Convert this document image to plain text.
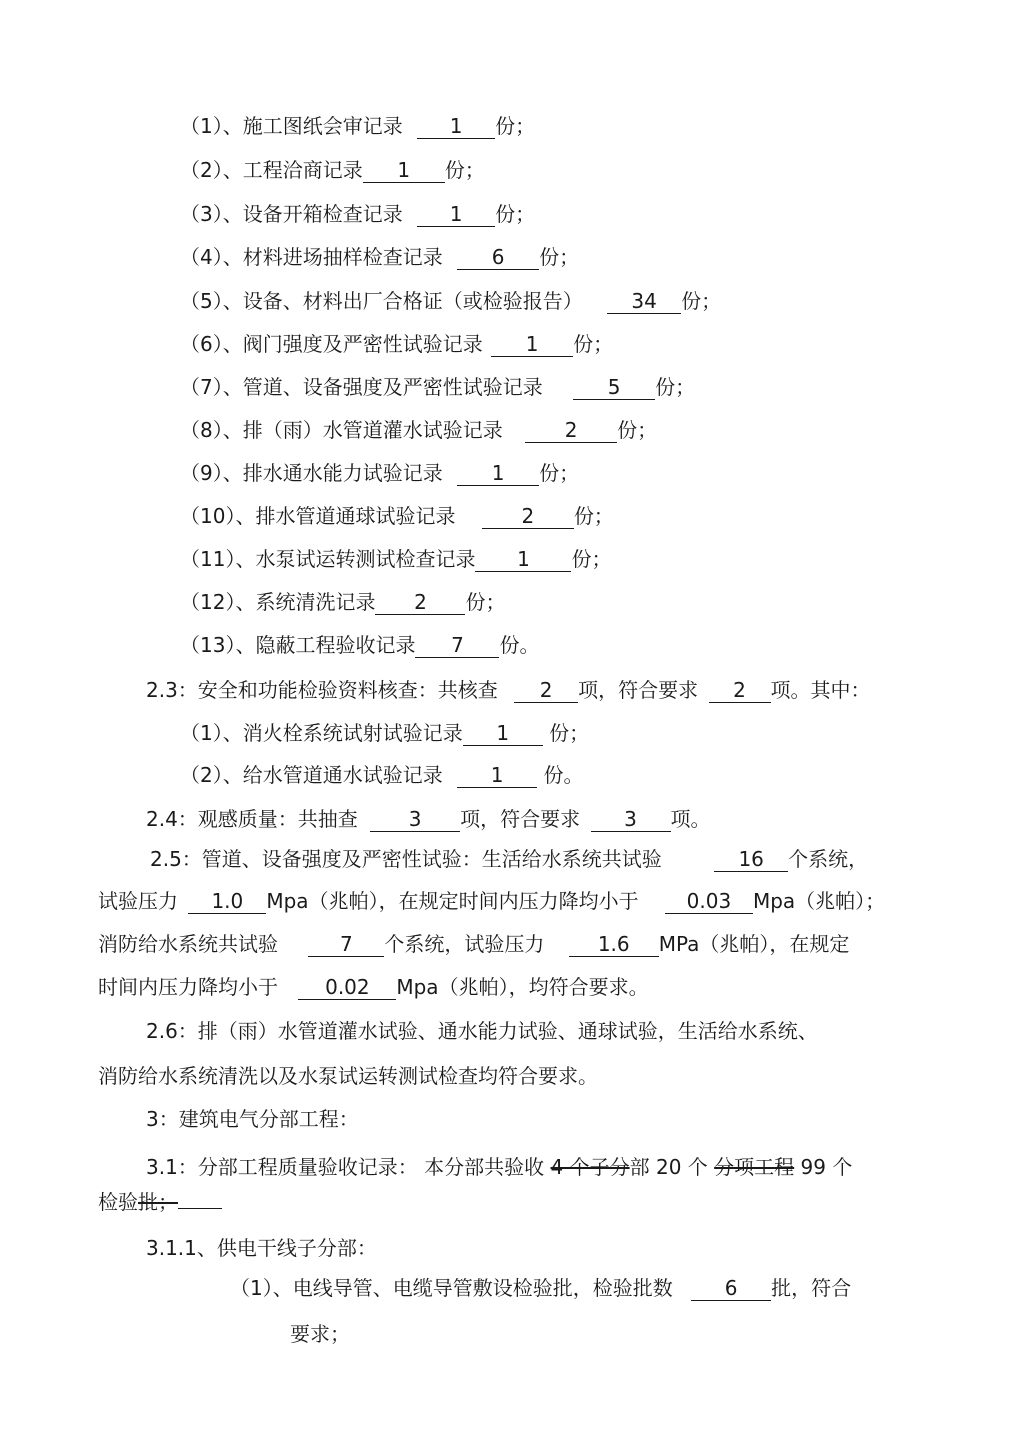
（1）、施工图纸会审记录 1 份；
（2）、工程洽商记录 1 份；
（3）、设备开箱检查记录 1 份；
（4）、材料进场抽样检查记录 6 份；
（5）、设备、材料出厂合格证（或检验报告） 34 份；
（6）、阀门强度及严密性试验记录 1 份；
（7）、管道、设备强度及严密性试验记录	5 份；
（8）、排（雨）水管道灌水试验记录	2 份；
（9）、排水通水能力试验记录 1 份；
（10）、排水管道通球试验记录	2 份；
（11）、水泵试运转测试检查记录 1 份；
（12）、系统清洗记录 2 份；
（13）、隐蔽工程验收记录 7 份。
2.3：安全和功能检验资料核查：共核查 2 项，符合要求 2 项。其中：
（1）、消火栓系统试射试验记录 1 份；
（2）、给水管道通水试验记录 1 份。
2.4：观感质量：共抽查	3 项，符合要求 3 项。
2.5：管道、设备强度及严密性试验：生活给水系统共试验	16 个系统，
试验压力 1.0 Mpa（兆帕），在规定时间内压力降均小于 0.03 Mpa（兆帕）；
消防给水系统共试验	7 个系统，试验压力	1.6 MPa（兆帕），在规定
时间内压力降均小于 0.02 Mpa（兆帕），均符合要求。
2.6：排（雨）水管道灌水试验、通水能力试验、通球试验，生活给水系统、
消防给水系统清洗以及水泵试运转测试检查均符合要求。
3：建筑电气分部工程：
3.1：分部工程质量验收记录： 本分部共验收 4 个子分部 20 个 分项工程 99 个
检验批；
3.1.1、供电干线子分部：
（1）、电线导管、电缆导管敷设检验批，检验批数	6 批，符合
要求；
